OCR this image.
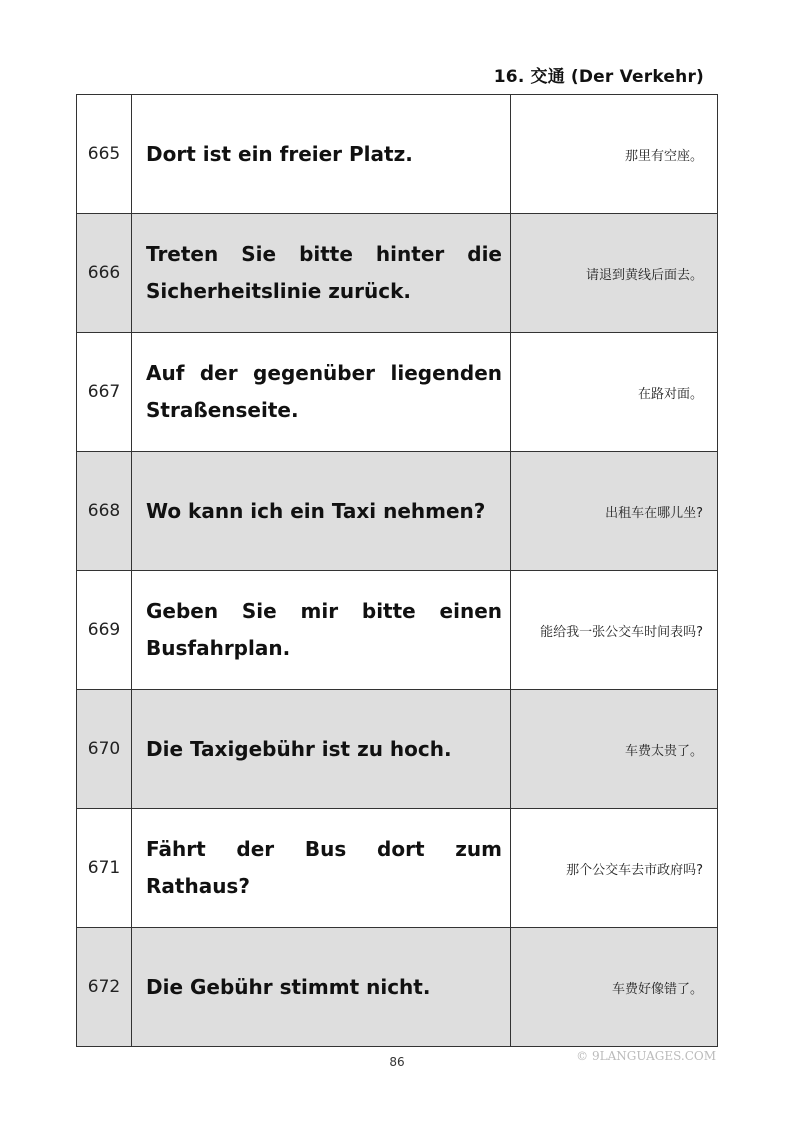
16. 交通 (Der Verkehr)
665	Dort ist ein freier Platz.	那里有空座。
666	Treten Sie bitte hinter die Sicherheitslinie zurück.	请退到黄线后面去。
667	Auf der gegenüber liegenden Straßenseite.	在路对面。
668	Wo kann ich ein Taxi nehmen?	出租车在哪儿坐?
669	Geben Sie mir bitte einen Busfahrplan.	能给我一张公交车时间表吗?
670	Die Taxigebühr ist zu hoch.	车费太贵了。
671	Fährt der Bus dort zum Rathaus?	那个公交车去市政府吗?
672	Die Gebühr stimmt nicht.	车费好像错了。
86	© 9LANGUAGES.COM
